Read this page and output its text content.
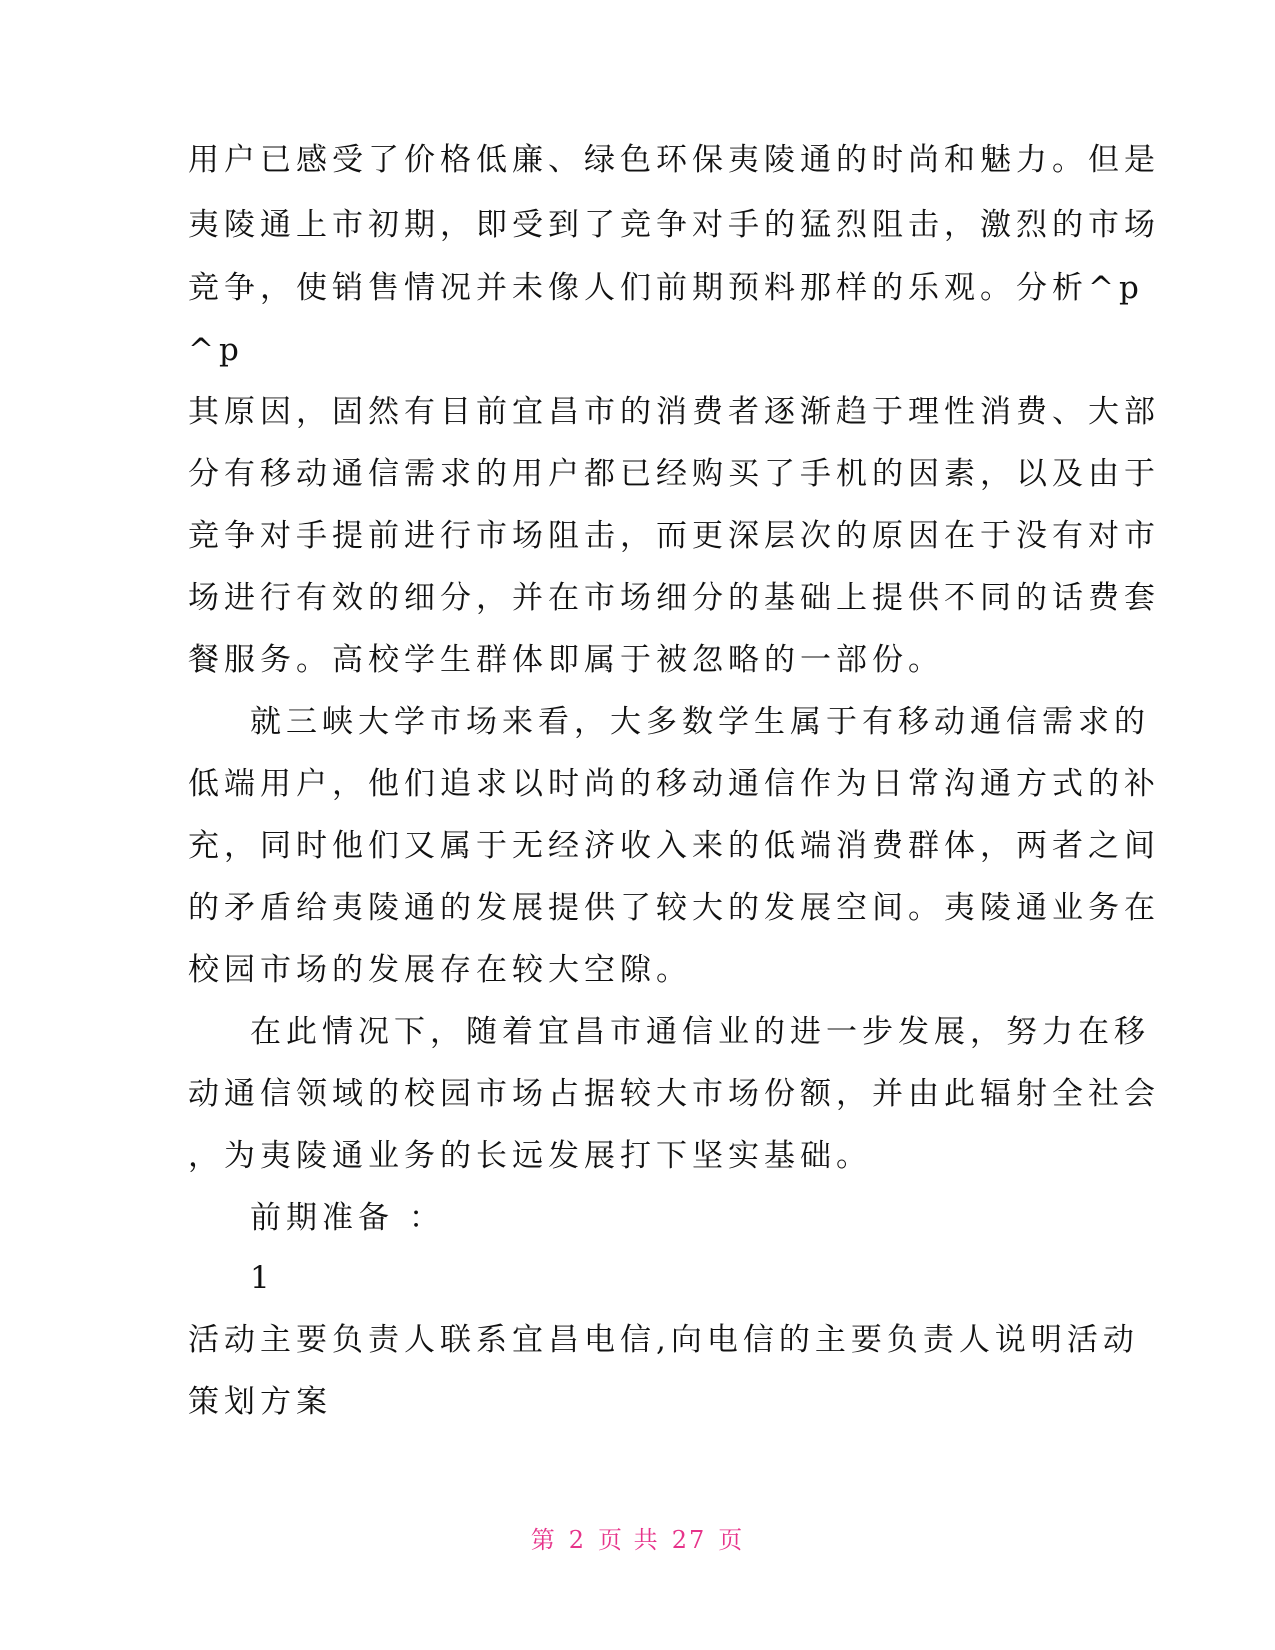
用户已感受了价格低廉、绿色环保夷陵通的时尚和魅力。但是
夷陵通上市初期，即受到了竞争对手的猛烈阻击，激烈的市场
竞争，使销售情况并未像人们前期预料那样的乐观。分析^p
^p
其原因，固然有目前宜昌市的消费者逐渐趋于理性消费、大部
分有移动通信需求的用户都已经购买了手机的因素，以及由于
竞争对手提前进行市场阻击，而更深层次的原因在于没有对市
场进行有效的细分，并在市场细分的基础上提供不同的话费套
餐服务。高校学生群体即属于被忽略的一部份。
就三峡大学市场来看，大多数学生属于有移动通信需求的
低端用户，他们追求以时尚的移动通信作为日常沟通方式的补
充，同时他们又属于无经济收入来的低端消费群体，两者之间
的矛盾给夷陵通的发展提供了较大的发展空间。夷陵通业务在
校园市场的发展存在较大空隙。
在此情况下，随着宜昌市通信业的进一步发展，努力在移
动通信领域的校园市场占据较大市场份额，并由此辐射全社会
，为夷陵通业务的长远发展打下坚实基础。
前期准备 ：
1
活动主要负责人联系宜昌电信,向电信的主要负责人说明活动
策划方案
第 2 页 共 27 页
